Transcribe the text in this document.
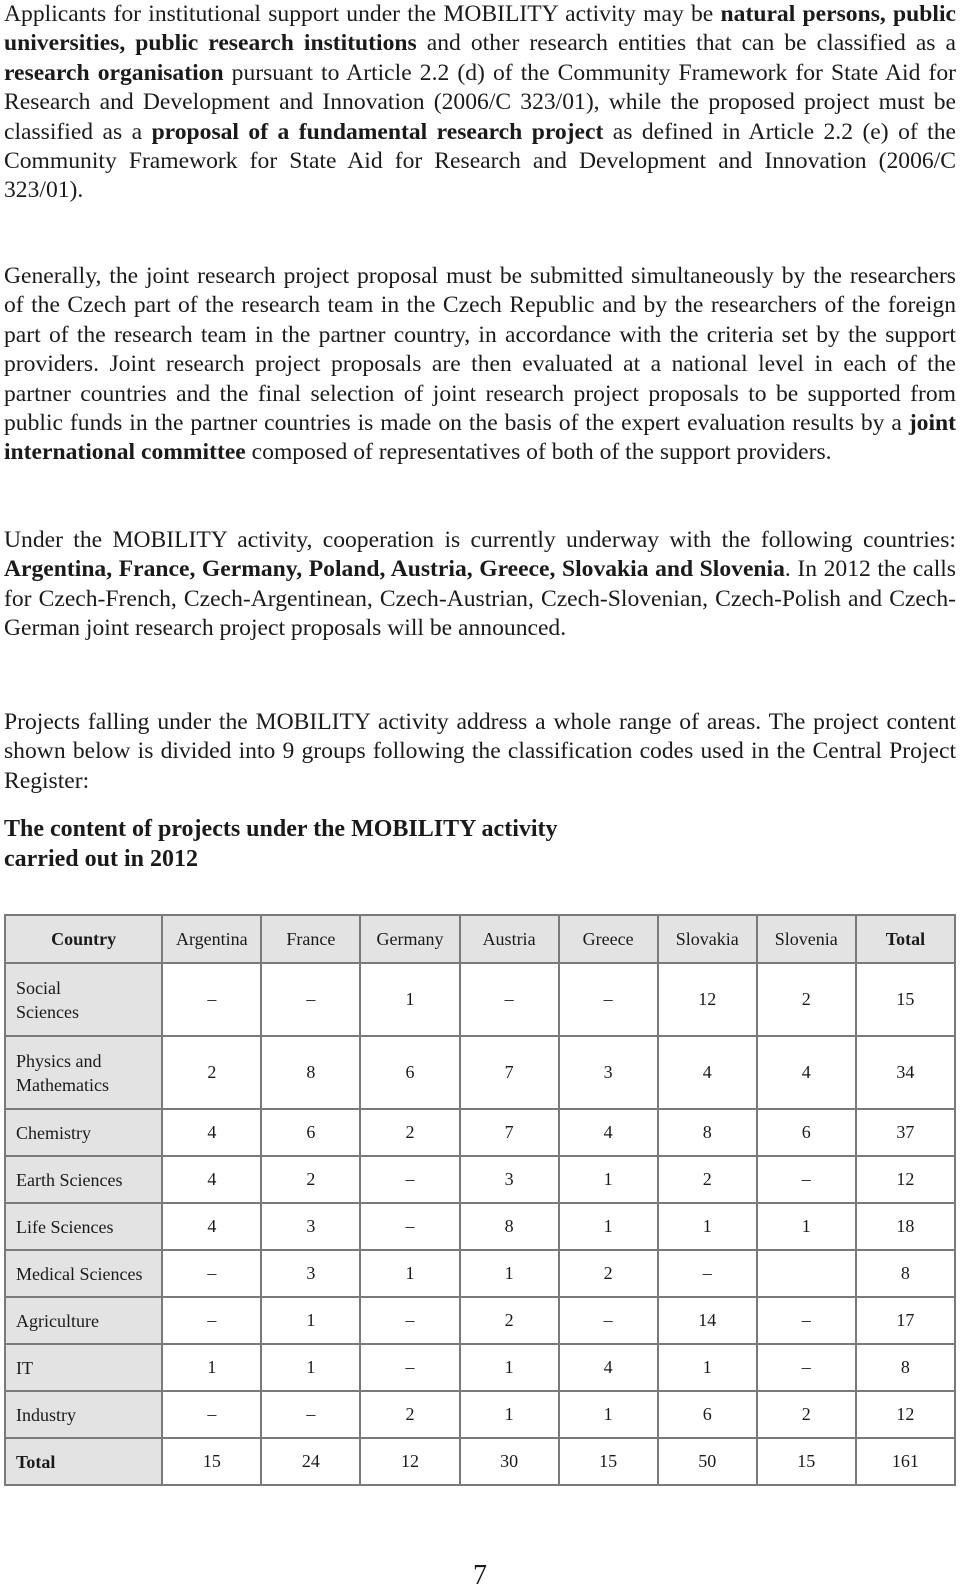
Applicants for institutional support under the MOBILITY activity may be natural persons, public universities, public research institutions and other research entities that can be classified as a research organisation pursuant to Article 2.2 (d) of the Community Framework for State Aid for Research and Development and Innovation (2006/C 323/01), while the proposed project must be classified as a proposal of a fundamental research project as defined in Article 2.2 (e) of the Community Framework for State Aid for Research and Development and Innovation (2006/C 323/01).

Generally, the joint research project proposal must be submitted simultaneously by the researchers of the Czech part of the research team in the Czech Republic and by the researchers of the foreign part of the research team in the partner country, in accordance with the criteria set by the support providers. Joint research project proposals are then evaluated at a national level in each of the partner countries and the final selection of joint research project proposals to be supported from public funds in the partner countries is made on the basis of the expert evaluation results by a joint international committee composed of representatives of both of the support providers.

Under the MOBILITY activity, cooperation is currently underway with the following countries: Argentina, France, Germany, Poland, Austria, Greece, Slovakia and Slovenia. In 2012 the calls for Czech-French, Czech-Argentinean, Czech-Austrian, Czech-Slovenian, Czech-Polish and Czech-German joint research project proposals will be announced.

Projects falling under the MOBILITY activity address a whole range of areas. The project content shown below is divided into 9 groups following the classification codes used in the Central Project Register:

The content of projects under the MOBILITY activity
carried out in 2012
Country	Argentina	France	Germany	Austria	Greece	Slovakia	Slovenia	Total

Social
Sciences	–	–	1	–	–	12	2	15

Physics and
Mathematics	2	8	6	7	3	4	4	34

Chemistry	4	6	2	7	4	8	6	37

Earth Sciences	4	2	–	3	1	2	–	12

Life Sciences	4	3	–	8	1	1	1	18

Medical Sciences	–	3	1	1	2	–		8

Agriculture	–	1	–	2	–	14	–	17

IT	1	1	–	1	4	1	–	8

Industry	–	–	2	1	1	6	2	12

Total	15	24	12	30	15	50	15	161
7
